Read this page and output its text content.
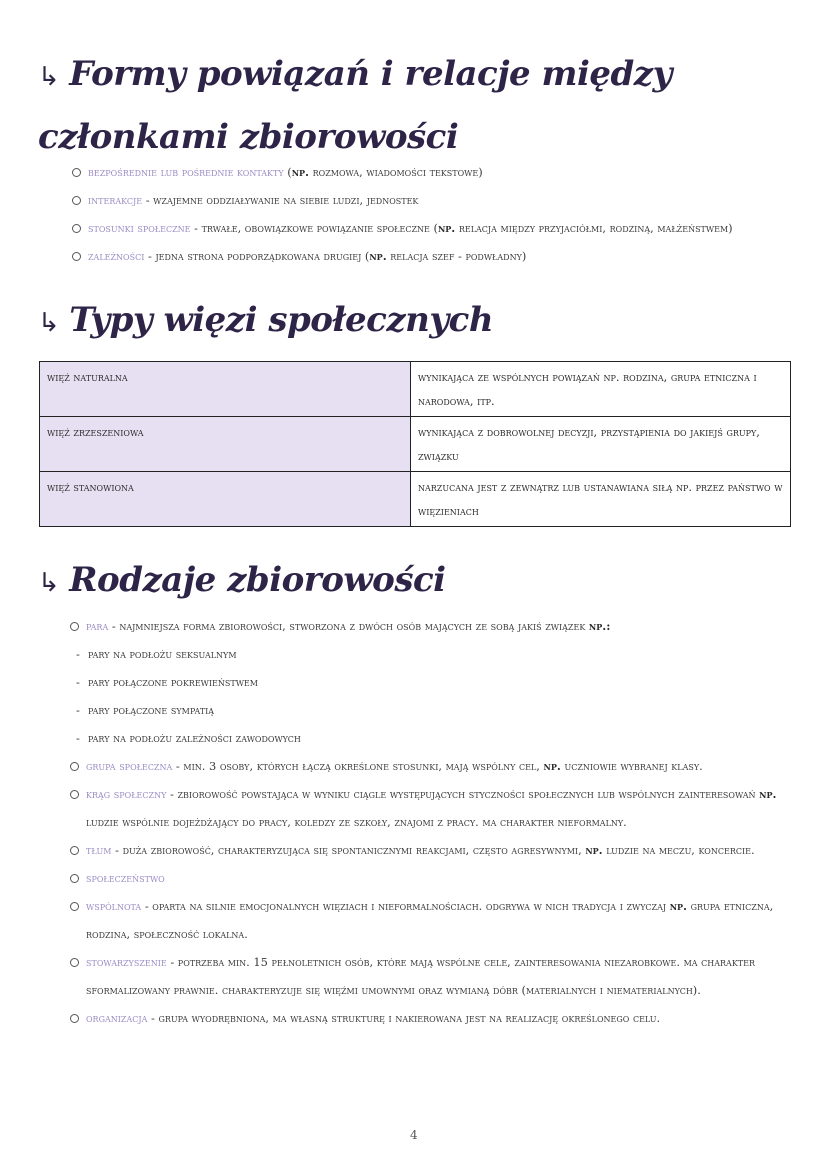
↳ Formy powiązań i relacje między członkami zbiorowości
bezpośrednie lub pośrednie kontakty (np. rozmowa, wiadomości tekstowe)
interakcje - wzajemne oddziaływanie na siebie ludzi, jednostek
stosunki społeczne - trwałe, obowiązkowe powiązanie społeczne (np. relacja między przyjaciółmi, rodziną, małżeństwem)
zależności - jedna strona podporządkowana drugiej (np. relacja szef - podwładny)
↳ Typy więzi społecznych
więź naturalna	wynikająca ze wspólnych powiązań np. rodzina, grupa etniczna i narodowa, itp.
więź zrzeszeniowa	wynikająca z dobrowolnej decyzji, przystąpienia do jakiejś grupy, związku
więź stanowiona	narzucana jest z zewnątrz lub ustanawiana siłą np. przez państwo w więzieniach
↳ Rodzaje zbiorowości
para - najmniejsza forma zbiorowości, stworzona z dwóch osób mających ze sobą jakiś związek np.:
- pary na podłożu seksualnym
- pary połączone pokrewieństwem
- pary połączone sympatią
- pary na podłożu zależności zawodowych
grupa społeczna - min. 3 osoby, których łączą określone stosunki, mają wspólny cel, np. uczniowie wybranej klasy.
krąg społeczny - zbiorowość powstająca w wyniku ciągle występujących styczności społecznych lub wspólnych zainteresowań np. ludzie wspólnie dojeżdżający do pracy, koledzy ze szkoły, znajomi z pracy. ma charakter nieformalny.
tłum - duża zbiorowość, charakteryzująca się spontanicznymi reakcjami, często agresywnymi, np. ludzie na meczu, koncercie.
społeczeństwo
wspólnota - oparta na silnie emocjonalnych więziach i nieformalnościach. odgrywa w nich tradycja i zwyczaj np. grupa etniczna, rodzina, społeczność lokalna.
stowarzyszenie - potrzeba min. 15 pełnoletnich osób, które mają wspólne cele, zainteresowania niezarobkowe. ma charakter sformalizowany prawnie. charakteryzuje się więźmi umownymi oraz wymianą dóbr (materialnych i niematerialnych).
organizacja - grupa wyodrębniona, ma własną strukturę i nakierowana jest na realizację określonego celu.
4
